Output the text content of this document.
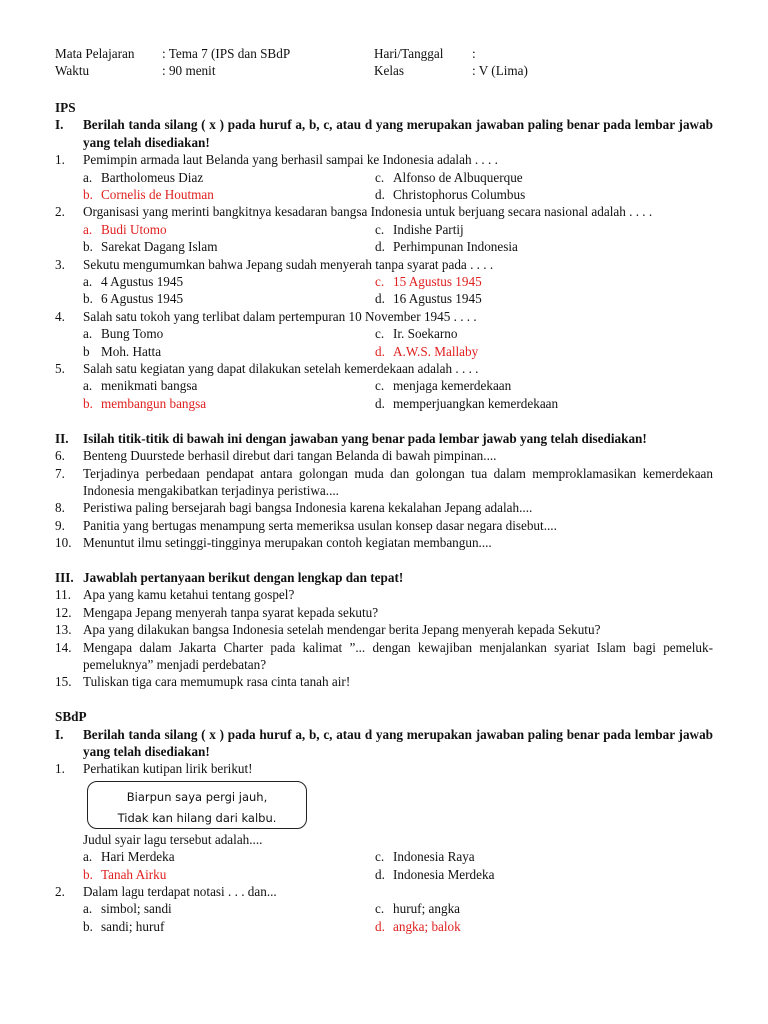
Mata Pelajaran : Tema 7 (IPS dan SBdP	Hari/Tanggal :
Waktu	: 90 menit	Kelas	: V (Lima)
IPS
I.	Berilah tanda silang ( x ) pada huruf a, b, c, atau d yang merupakan jawaban paling benar pada lembar jawab yang telah disediakan!
1.	Pemimpin armada laut Belanda yang berhasil sampai ke Indonesia adalah . . . .
a. Bartholomeus Diaz	c. Alfonso de Albuquerque
b. Cornelis de Houtman	d. Christophorus Columbus
2.	Organisasi yang merinti bangkitnya kesadaran bangsa Indonesia untuk berjuang secara nasional adalah . . . .
a. Budi Utomo	c. Indishe Partij
b. Sarekat Dagang Islam	d. Perhimpunan Indonesia
3.	Sekutu mengumumkan bahwa Jepang sudah menyerah tanpa syarat pada . . . .
a. 4 Agustus 1945	c. 15 Agustus 1945
b. 6 Agustus 1945	d. 16 Agustus 1945
4.	Salah satu tokoh yang terlibat dalam pertempuran 10 November 1945 . . . .
a. Bung Tomo	c. Ir. Soekarno
b Moh. Hatta	d. A.W.S. Mallaby
5.	Salah satu kegiatan yang dapat dilakukan setelah kemerdekaan adalah . . . .
a. menikmati bangsa	c. menjaga kemerdekaan
b. membangun bangsa	d. memperjuangkan kemerdekaan
II.	Isilah titik-titik di bawah ini dengan jawaban yang benar pada lembar jawab yang telah disediakan!
6.	Benteng Duurstede berhasil direbut dari tangan Belanda di bawah pimpinan....
7.	Terjadinya perbedaan pendapat antara golongan muda dan golongan tua dalam memproklamasikan kemerdekaan Indonesia mengakibatkan terjadinya peristiwa....
8.	Peristiwa paling bersejarah bagi bangsa Indonesia karena kekalahan Jepang adalah....
9.	Panitia yang bertugas menampung serta memeriksa usulan konsep dasar negara disebut....
10. Menuntut ilmu setinggi-tingginya merupakan contoh kegiatan membangun....
III. Jawablah pertanyaan berikut dengan lengkap dan tepat!
11. Apa yang kamu ketahui tentang gospel?
12. Mengapa Jepang menyerah tanpa syarat kepada sekutu?
13. Apa yang dilakukan bangsa Indonesia setelah mendengar berita Jepang menyerah kepada Sekutu?
14. Mengapa dalam Jakarta Charter pada kalimat ”... dengan kewajiban menjalankan syariat Islam bagi pemeluk-pemeluknya” menjadi perdebatan?
15. Tuliskan tiga cara memumupk rasa cinta tanah air!
SBdP
I.	Berilah tanda silang ( x ) pada huruf a, b, c, atau d yang merupakan jawaban paling benar pada lembar jawab yang telah disediakan!
1.	Perhatikan kutipan lirik berikut!
Biarpun saya pergi jauh,
Tidak kan hilang dari kalbu.
Judul syair lagu tersebut adalah....
a. Hari Merdeka	c. Indonesia Raya
b. Tanah Airku	d. Indonesia Merdeka
2.	Dalam lagu terdapat notasi . . . dan...
a. simbol; sandi	c. huruf; angka
b. sandi; huruf	d. angka; balok
